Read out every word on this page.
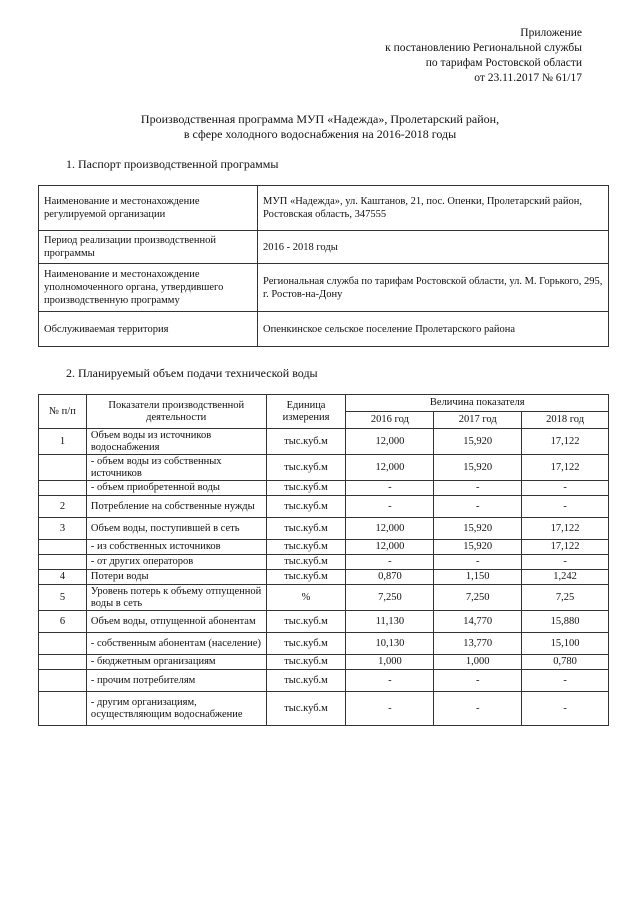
Приложение
к постановлению Региональной службы
по тарифам Ростовской области
от 23.11.2017 № 61/17
Производственная программа МУП «Надежда», Пролетарский район,
в сфере холодного водоснабжения на 2016-2018 годы
1. Паспорт производственной программы
Наименование и местонахождение регулируемой организации	МУП «Надежда», ул. Каштанов, 21, пос. Опенки, Пролетарский район, Ростовская область, 347555
Период реализации производственной программы	2016 - 2018 годы
Наименование и местонахождение уполномоченного органа, утвердившего производственную программу	Региональная служба по тарифам Ростовской области, ул. М. Горького, 295, г. Ростов-на-Дону
Обслуживаемая территория	Опенкинское сельское поселение Пролетарского района
2. Планируемый объем подачи технической воды
№ п/п	Показатели производственной деятельности	Единица измерения	Величина показателя		
			2016 год	2017 год	2018 год
1	Объем воды из источников водоснабжения	тыс.куб.м	12,000	15,920	17,122
	- объем воды из собственных источников	тыс.куб.м	12,000	15,920	17,122
	- объем приобретенной воды	тыс.куб.м	-	-	-
2	Потребление на собственные нужды	тыс.куб.м	-	-	-
3	Объем воды, поступившей в сеть	тыс.куб.м	12,000	15,920	17,122
	- из собственных источников	тыс.куб.м	12,000	15,920	17,122
	- от других операторов	тыс.куб.м	-	-	-
4	Потери воды	тыс.куб.м	0,870	1,150	1,242
5	Уровень потерь к объему отпущенной воды в сеть	%	7,250	7,250	7,25
6	Объем воды, отпущенной абонентам	тыс.куб.м	11,130	14,770	15,880
	- собственным абонентам (население)	тыс.куб.м	10,130	13,770	15,100
	- бюджетным организациям	тыс.куб.м	1,000	1,000	0,780
	- прочим потребителям	тыс.куб.м	-	-	-
	- другим организациям, осуществляющим водоснабжение	тыс.куб.м	-	-	-
